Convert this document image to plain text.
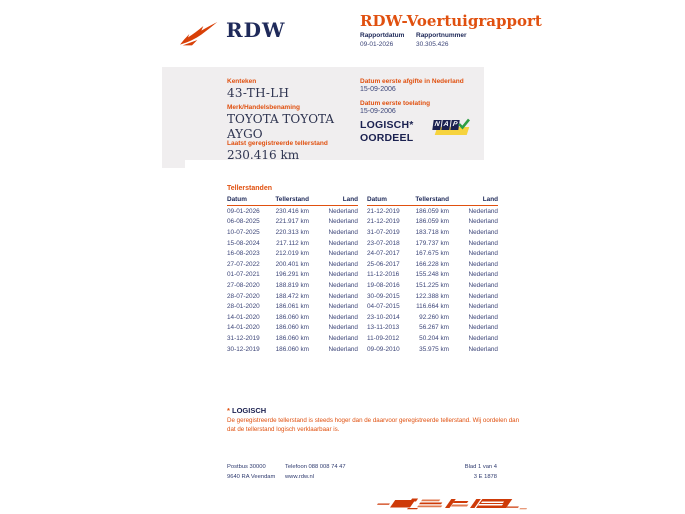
RDW	RDW-Voertuigrapport
Rapportdatum
09-01-2026
Rapportnummer
30.305.426
Kenteken
43-TH-LH
Merk/Handelsbenaming
TOYOTA TOYOTA AYGO
Laatst geregistreerde tellerstand
230.416 km
Datum eerste afgifte in Nederland
15-09-2006
Datum eerste toelating
15-09-2006
LOGISCH*
OORDEEL
N A P
Tellerstanden
Datum	Tellerstand	Land
09-01-2026	230.416 km	Nederland
06-08-2025	221.917 km	Nederland
10-07-2025	220.313 km	Nederland
15-08-2024	217.112 km	Nederland
16-08-2023	212.019 km	Nederland
27-07-2022	200.401 km	Nederland
01-07-2021	196.291 km	Nederland
27-08-2020	188.819 km	Nederland
28-07-2020	188.472 km	Nederland
28-01-2020	186.061 km	Nederland
14-01-2020	186.060 km	Nederland
14-01-2020	186.060 km	Nederland
31-12-2019	186.060 km	Nederland
30-12-2019	186.060 km	Nederland
Datum	Tellerstand	Land
21-12-2019	186.059 km	Nederland
21-12-2019	186.059 km	Nederland
31-07-2019	183.718 km	Nederland
23-07-2018	179.737 km	Nederland
24-07-2017	167.675 km	Nederland
25-06-2017	166.228 km	Nederland
11-12-2016	155.248 km	Nederland
19-08-2016	151.225 km	Nederland
30-09-2015	122.388 km	Nederland
04-07-2015	116.664 km	Nederland
23-10-2014	92.260 km	Nederland
13-11-2013	56.267 km	Nederland
11-09-2012	50.204 km	Nederland
09-09-2010	35.975 km	Nederland
* LOGISCH
De geregistreerde tellerstand is steeds hoger dan de daarvoor geregistreerde tellerstand. Wij oordelen dan
dat de tellerstand logisch verklaarbaar is.
Postbus 30000
9640 RA Veendam
Telefoon 088 008 74 47
www.rdw.nl
Blad 1 van 4
3 E 1878
